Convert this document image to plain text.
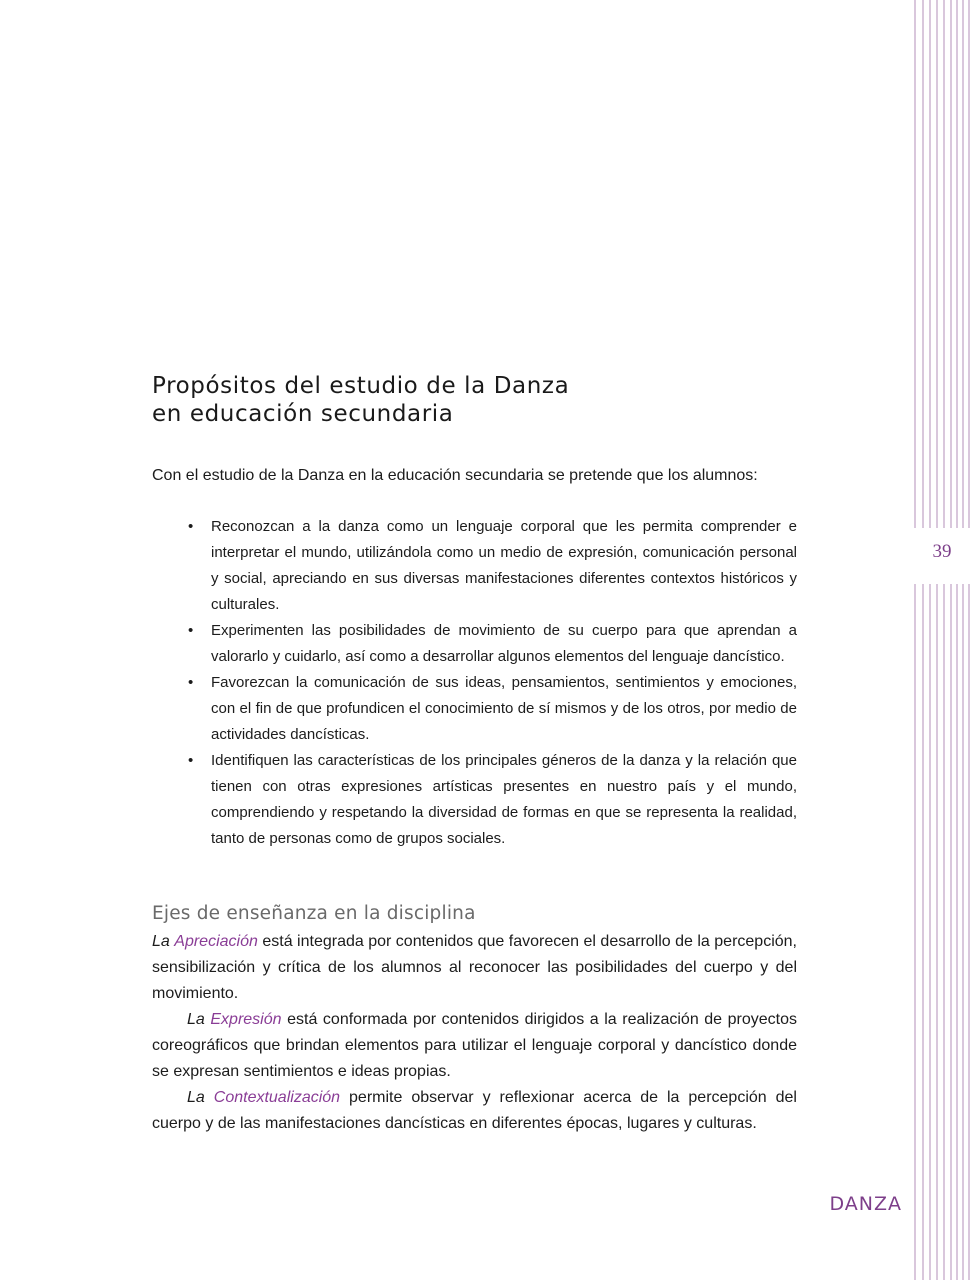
39
Propósitos del estudio de la Danza
en educación secundaria

Con el estudio de la Danza en la educación secundaria se pretende que los alumnos:

• Reconozcan a la danza como un lenguaje corporal que les permita comprender e interpretar el mundo, utilizándola como un medio de expresión, comunicación personal y social, apreciando en sus diversas manifestaciones diferentes contextos históricos y culturales.
• Experimenten las posibilidades de movimiento de su cuerpo para que aprendan a valorarlo y cuidarlo, así como a desarrollar algunos elementos del lenguaje dancístico.
• Favorezcan la comunicación de sus ideas, pensamientos, sentimientos y emociones, con el fin de que profundicen el conocimiento de sí mismos y de los otros, por medio de actividades dancísticas.
• Identifiquen las características de los principales géneros de la danza y la relación que tienen con otras expresiones artísticas presentes en nuestro país y el mundo, comprendiendo y respetando la diversidad de formas en que se representa la realidad, tanto de personas como de grupos sociales.
Ejes de enseñanza en la disciplina

La Apreciación está integrada por contenidos que favorecen el desarrollo de la percepción, sensibilización y crítica de los alumnos al reconocer las posibilidades del cuerpo y del movimiento.

La Expresión está conformada por contenidos dirigidos a la realización de proyectos coreográficos que brindan elementos para utilizar el lenguaje corporal y dancístico donde se expresan sentimientos e ideas propias.

La Contextualización permite observar y reflexionar acerca de la percepción del cuerpo y de las manifestaciones dancísticas en diferentes épocas, lugares y culturas.

DANZA
